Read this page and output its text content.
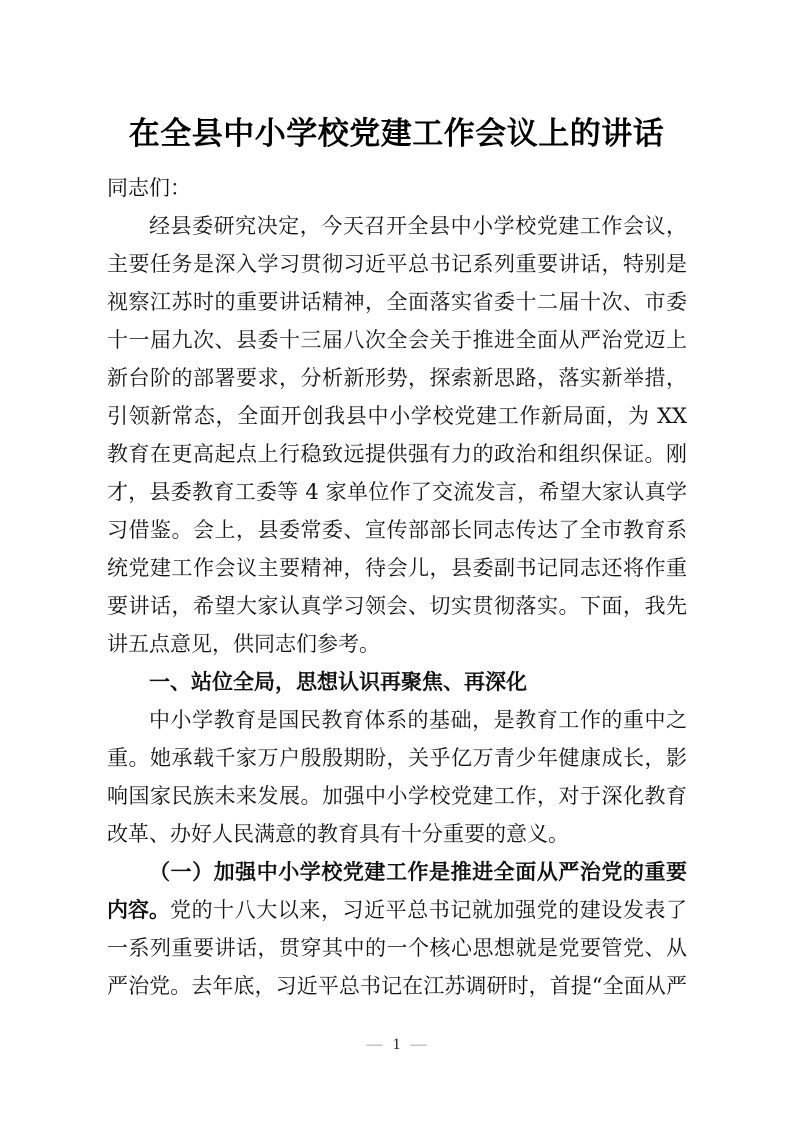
在全县中小学校党建工作会议上的讲话
同志们：
经县委研究决定，今天召开全县中小学校党建工作会议，
主要任务是深入学习贯彻习近平总书记系列重要讲话，特别是
视察江苏时的重要讲话精神，全面落实省委十二届十次、市委
十一届九次、县委十三届八次全会关于推进全面从严治党迈上
新台阶的部署要求，分析新形势，探索新思路，落实新举措，
引领新常态，全面开创我县中小学校党建工作新局面，为 XX
教育在更高起点上行稳致远提供强有力的政治和组织保证。刚
才，县委教育工委等 4 家单位作了交流发言，希望大家认真学
习借鉴。会上，县委常委、宣传部部长同志传达了全市教育系
统党建工作会议主要精神，待会儿，县委副书记同志还将作重
要讲话，希望大家认真学习领会、切实贯彻落实。下面，我先
讲五点意见，供同志们参考。
一、站位全局，思想认识再聚焦、再深化
中小学教育是国民教育体系的基础，是教育工作的重中之
重。她承载千家万户殷殷期盼，关乎亿万青少年健康成长，影
响国家民族未来发展。加强中小学校党建工作，对于深化教育
改革、办好人民满意的教育具有十分重要的意义。
（一）加强中小学校党建工作是推进全面从严治党的重要
内容。 党的十八大以来，习近平总书记就加强党的建设发表了
一系列重要讲话，贯穿其中的一个核心思想就是党要管党、从
严治党。去年底，习近平总书记在江苏调研时，首提“全面从严
— 1 —
